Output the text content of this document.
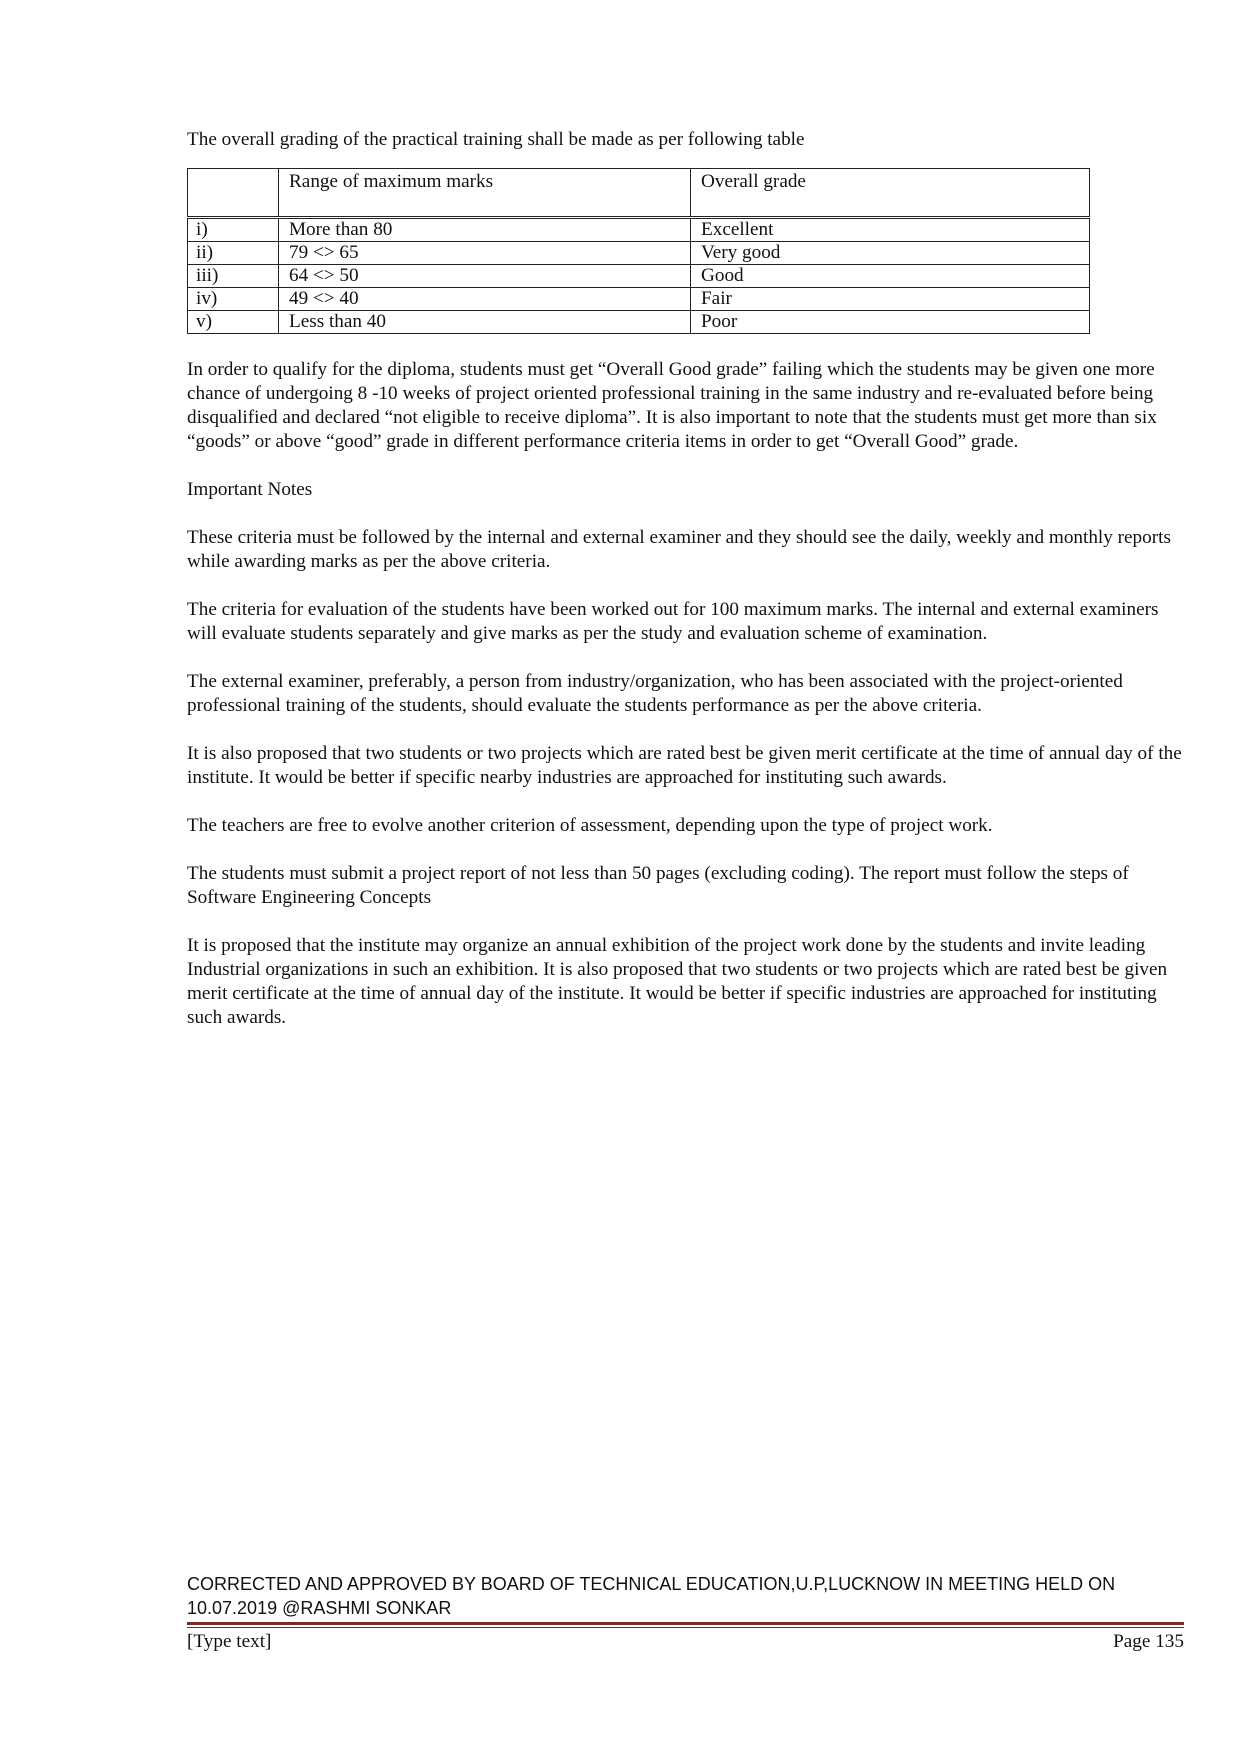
The overall grading of the practical training shall be made as per following table

	Range of maximum marks	Overall grade
i)	More than 80	Excellent
ii)	79 <> 65	Very good
iii)	64 <> 50	Good
iv)	49 <> 40	Fair
v)	Less than 40	Poor

In order to qualify for the diploma, students must get “Overall Good grade” failing which the students may be given one more chance of undergoing 8 -10 weeks of project oriented professional training in the same industry and re-evaluated before being disqualified and declared “not eligible to receive diploma”. It is also important to note that the students must get more than six “goods” or above “good” grade in different performance criteria items in order to get “Overall Good” grade.

Important Notes

These criteria must be followed by the internal and external examiner and they should see the daily, weekly and monthly reports while awarding marks as per the above criteria.

The criteria for evaluation of the students have been worked out for 100 maximum marks. The internal and external examiners will evaluate students separately and give marks as per the study and evaluation scheme of examination.

The external examiner, preferably, a person from industry/organization, who has been associated with the project-oriented professional training of the students, should evaluate the students performance as per the above criteria.

It is also proposed that two students or two projects which are rated best be given merit certificate at the time of annual day of the institute. It would be better if specific nearby industries are approached for instituting such awards.

The teachers are free to evolve another criterion of assessment, depending upon the type of project work.

The students must submit a project report of not less than 50 pages (excluding coding). The report must follow the steps of Software Engineering Concepts

It is proposed that the institute may organize an annual exhibition of the project work done by the students and invite leading Industrial organizations in such an exhibition. It is also proposed that two students or two projects which are rated best be given merit certificate at the time of annual day of the institute. It would be better if specific industries are approached for instituting such awards.

CORRECTED AND APPROVED BY BOARD OF TECHNICAL EDUCATION,U.P,LUCKNOW IN MEETING HELD ON 10.07.2019 @RASHMI SONKAR
[Type text]	Page 135
